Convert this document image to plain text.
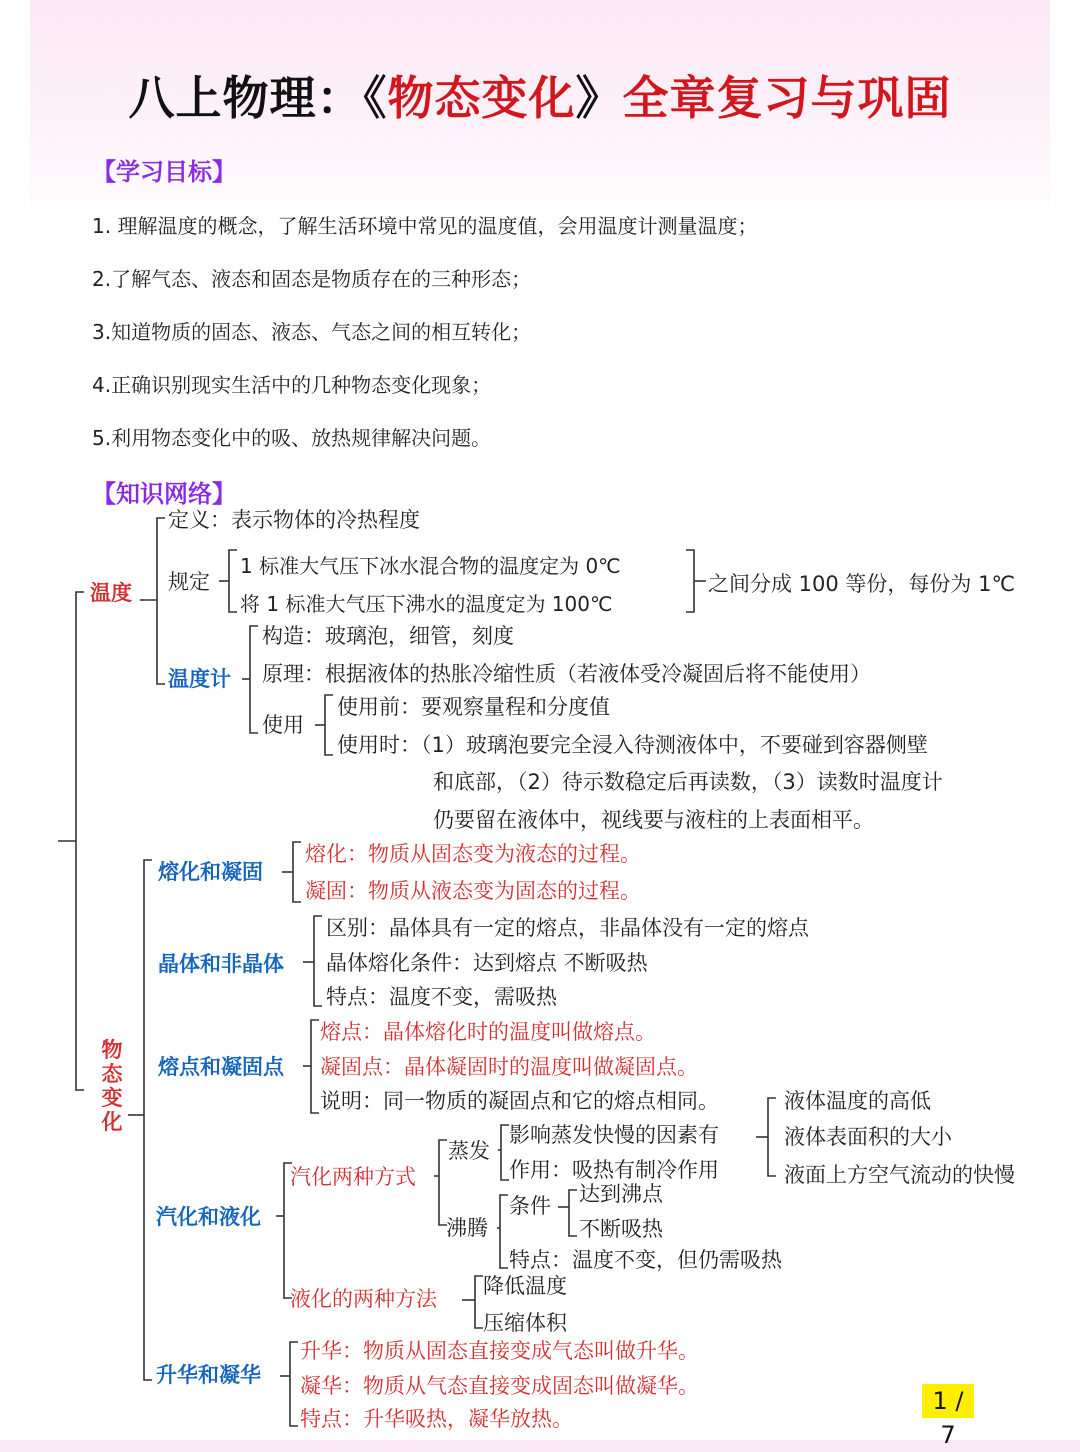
八上物理：《物态变化》全章复习与巩固
【学习目标】
1. 理解温度的概念，了解生活环境中常见的温度值，会用温度计测量温度；
2.了解气态、液态和固态是物质存在的三种形态；
3.知道物质的固态、液态、气态之间的相互转化；
4.正确识别现实生活中的几种物态变化现象；
5.利用物态变化中的吸、放热规律解决问题。
【知识网络】
温度
定义：表示物体的冷热程度
规定
1 标准大气压下冰水混合物的温度定为 0℃
将 1 标准大气压下沸水的温度定为 100℃
之间分成 100 等份，每份为 1℃
温度计
构造：玻璃泡，细管，刻度
原理：根据液体的热胀冷缩性质（若液体受冷凝固后将不能使用）
使用
使用前：要观察量程和分度值
使用时：（1）玻璃泡要完全浸入待测液体中，不要碰到容器侧壁
和底部，（2）待示数稳定后再读数，（3）读数时温度计
仍要留在液体中，视线要与液柱的上表面相平。
物
态
变
化
熔化和凝固
熔化：物质从固态变为液态的过程。
凝固：物质从液态变为固态的过程。
晶体和非晶体
区别：晶体具有一定的熔点，非晶体没有一定的熔点
晶体熔化条件：达到熔点 不断吸热
特点：温度不变，需吸热
熔点和凝固点
熔点：晶体熔化时的温度叫做熔点。
凝固点：晶体凝固时的温度叫做凝固点。
说明：同一物质的凝固点和它的熔点相同。
汽化和液化
汽化两种方式
蒸发
影响蒸发快慢的因素有
液体温度的高低
液体表面积的大小
液面上方空气流动的快慢
作用：吸热有制冷作用
沸腾
条件 达到沸点
不断吸热
特点：温度不变，但仍需吸热
液化的两种方法
降低温度
压缩体积
升华和凝华
升华：物质从固态直接变成气态叫做升华。
凝华：物质从气态直接变成固态叫做凝华。
特点：升华吸热，凝华放热。
1 / 7
